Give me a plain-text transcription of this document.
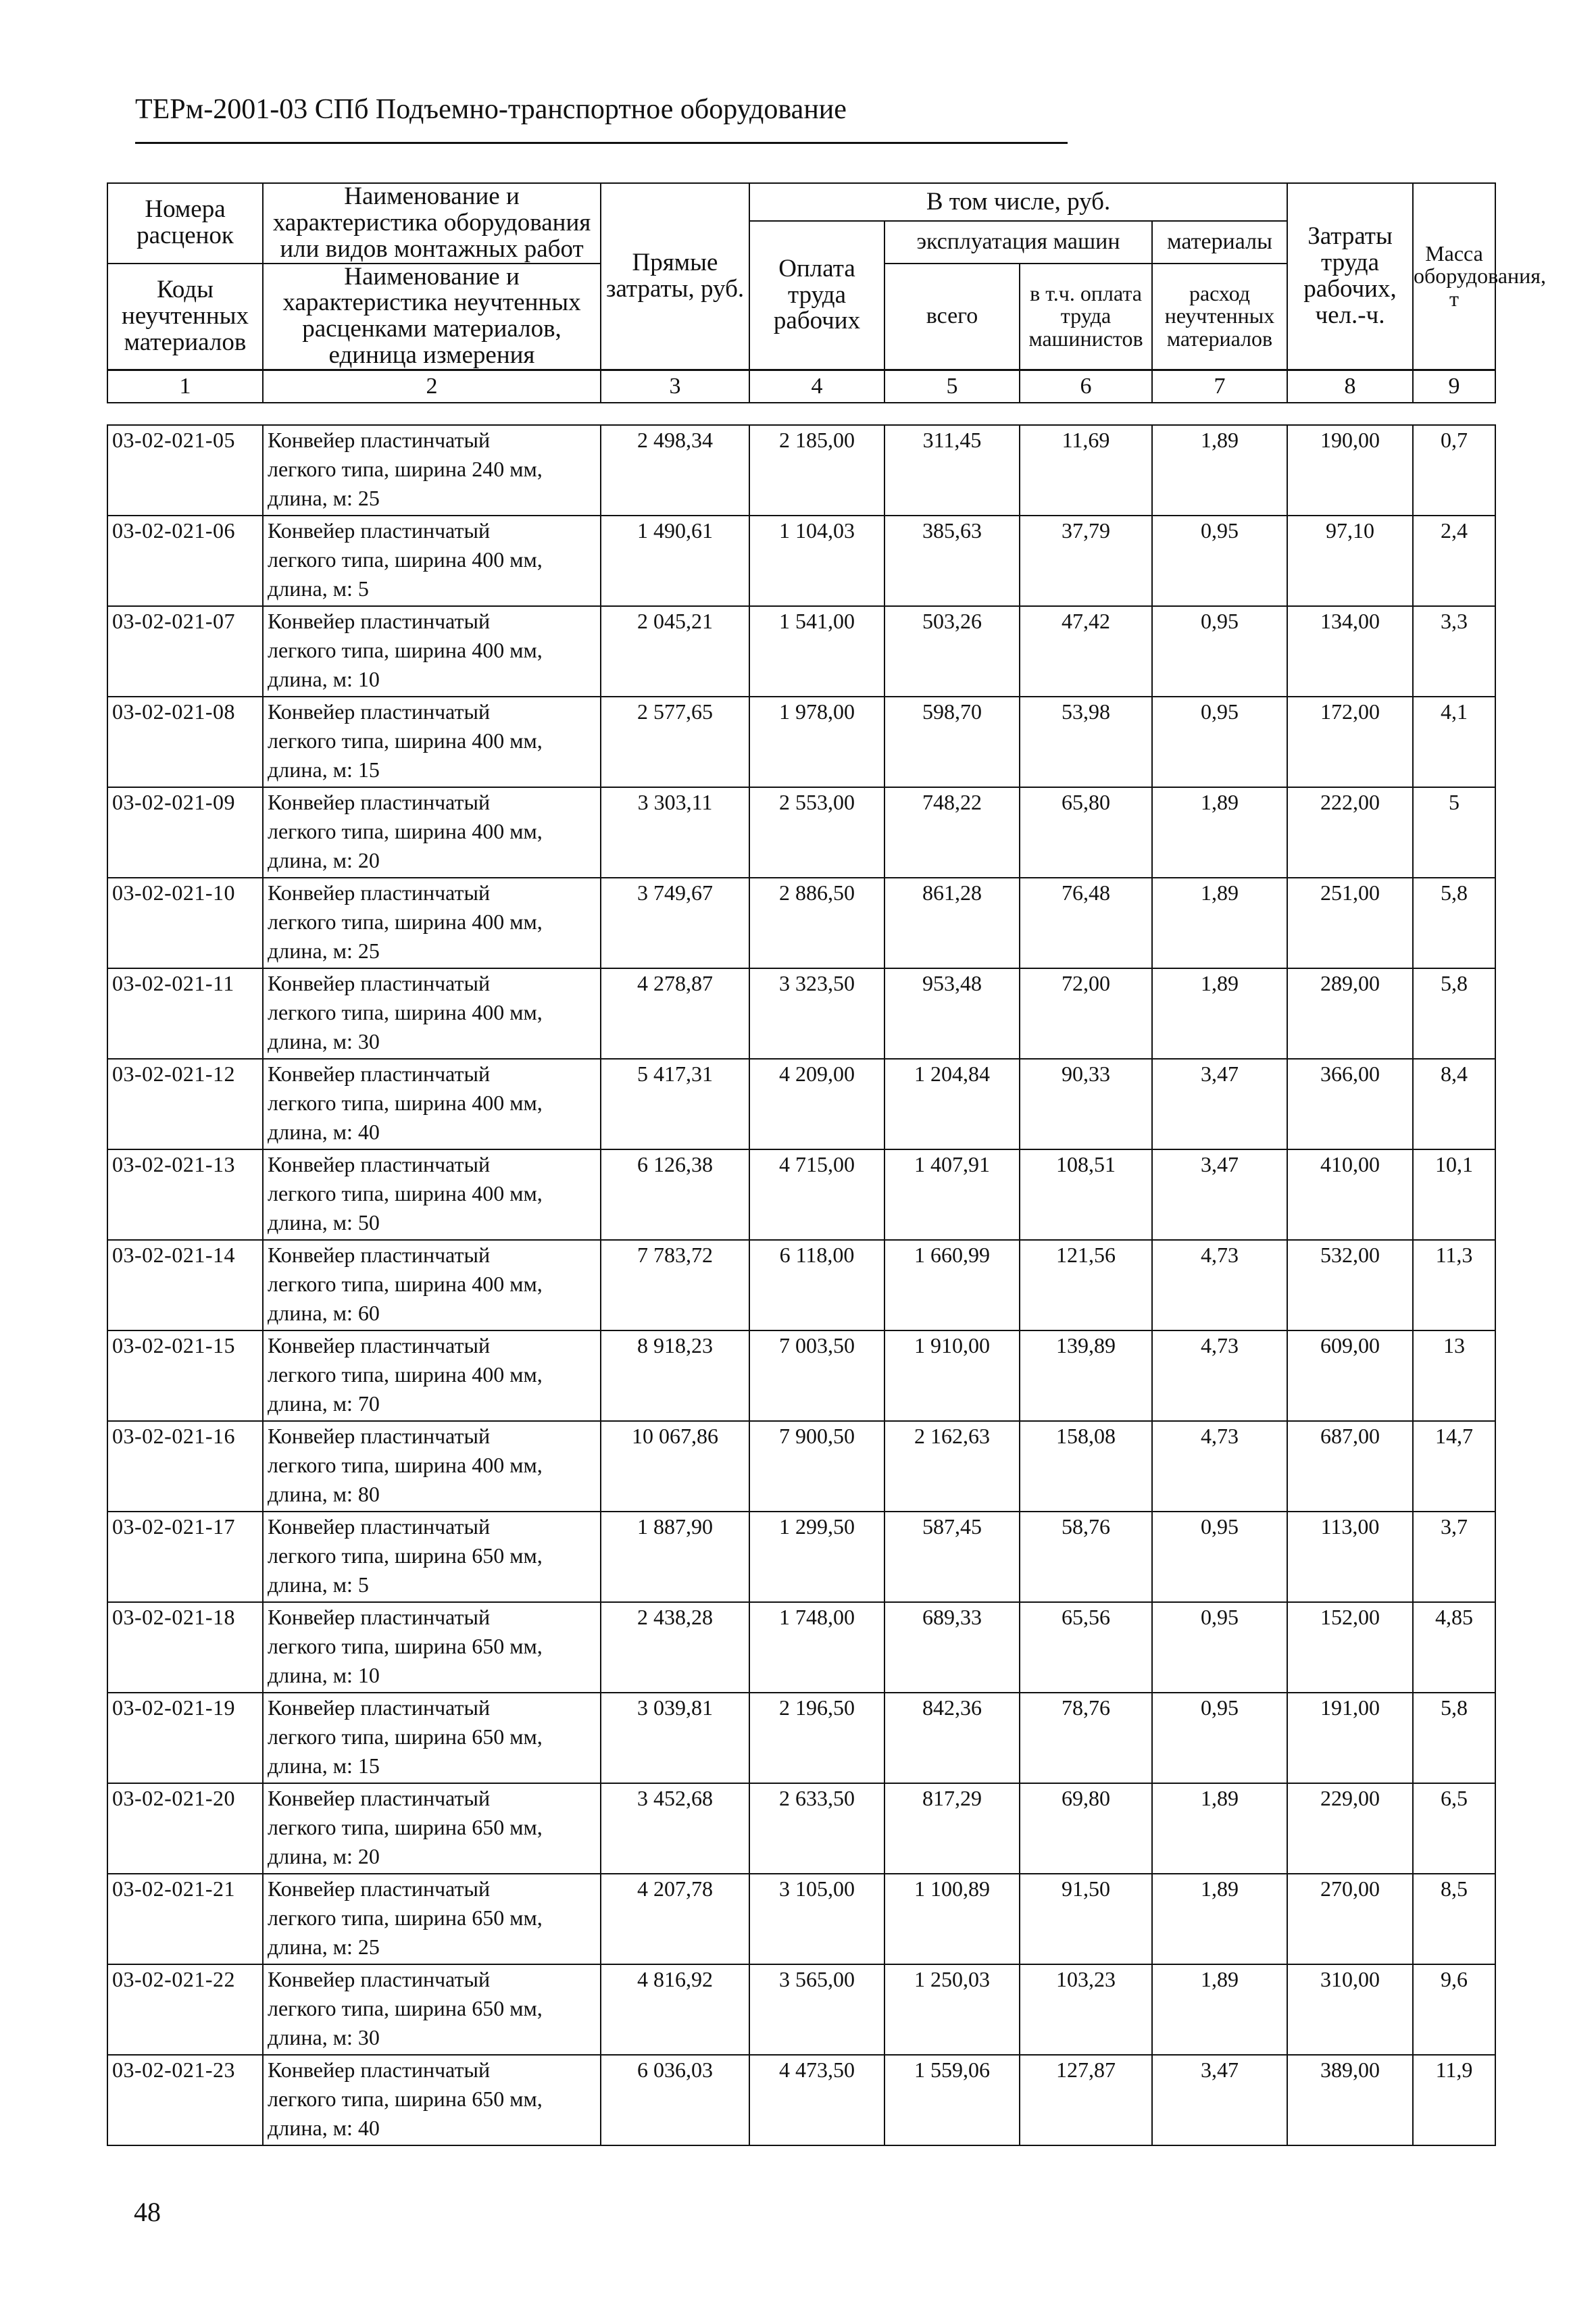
ТЕРм-2001-03 СПб Подъемно-транспортное оборудование
Номера расценок	Наименование и характеристика оборудования или видов монтажных работ	Прямые затраты, руб.	В том числе, руб.				Затраты труда рабочих, чел.-ч.	Масса оборудования, т
			Оплата труда рабочих	эксплуатация машин		материалы		
Коды неучтенных материалов	Наименование и характеристика неучтенных расценками материалов, единица измерения			всего	в т.ч. оплата труда машинистов	расход неучтенных материалов		

1	2	3	4	5	6	7	8	9
03-02-021-05	Конвейер пластинчатый
легкого типа, ширина 240 мм,
длина, м: 25	2 498,34	2 185,00	311,45	11,69	1,89	190,00	0,7
03-02-021-06	Конвейер пластинчатый
легкого типа, ширина 400 мм,
длина, м: 5	1 490,61	1 104,03	385,63	37,79	0,95	97,10	2,4
03-02-021-07	Конвейер пластинчатый
легкого типа, ширина 400 мм,
длина, м: 10	2 045,21	1 541,00	503,26	47,42	0,95	134,00	3,3
03-02-021-08	Конвейер пластинчатый
легкого типа, ширина 400 мм,
длина, м: 15	2 577,65	1 978,00	598,70	53,98	0,95	172,00	4,1
03-02-021-09	Конвейер пластинчатый
легкого типа, ширина 400 мм,
длина, м: 20	3 303,11	2 553,00	748,22	65,80	1,89	222,00	5
03-02-021-10	Конвейер пластинчатый
легкого типа, ширина 400 мм,
длина, м: 25	3 749,67	2 886,50	861,28	76,48	1,89	251,00	5,8
03-02-021-11	Конвейер пластинчатый
легкого типа, ширина 400 мм,
длина, м: 30	4 278,87	3 323,50	953,48	72,00	1,89	289,00	5,8
03-02-021-12	Конвейер пластинчатый
легкого типа, ширина 400 мм,
длина, м: 40	5 417,31	4 209,00	1 204,84	90,33	3,47	366,00	8,4
03-02-021-13	Конвейер пластинчатый
легкого типа, ширина 400 мм,
длина, м: 50	6 126,38	4 715,00	1 407,91	108,51	3,47	410,00	10,1
03-02-021-14	Конвейер пластинчатый
легкого типа, ширина 400 мм,
длина, м: 60	7 783,72	6 118,00	1 660,99	121,56	4,73	532,00	11,3
03-02-021-15	Конвейер пластинчатый
легкого типа, ширина 400 мм,
длина, м: 70	8 918,23	7 003,50	1 910,00	139,89	4,73	609,00	13
03-02-021-16	Конвейер пластинчатый
легкого типа, ширина 400 мм,
длина, м: 80	10 067,86	7 900,50	2 162,63	158,08	4,73	687,00	14,7
03-02-021-17	Конвейер пластинчатый
легкого типа, ширина 650 мм,
длина, м: 5	1 887,90	1 299,50	587,45	58,76	0,95	113,00	3,7
03-02-021-18	Конвейер пластинчатый
легкого типа, ширина 650 мм,
длина, м: 10	2 438,28	1 748,00	689,33	65,56	0,95	152,00	4,85
03-02-021-19	Конвейер пластинчатый
легкого типа, ширина 650 мм,
длина, м: 15	3 039,81	2 196,50	842,36	78,76	0,95	191,00	5,8
03-02-021-20	Конвейер пластинчатый
легкого типа, ширина 650 мм,
длина, м: 20	3 452,68	2 633,50	817,29	69,80	1,89	229,00	6,5
03-02-021-21	Конвейер пластинчатый
легкого типа, ширина 650 мм,
длина, м: 25	4 207,78	3 105,00	1 100,89	91,50	1,89	270,00	8,5
03-02-021-22	Конвейер пластинчатый
легкого типа, ширина 650 мм,
длина, м: 30	4 816,92	3 565,00	1 250,03	103,23	1,89	310,00	9,6
03-02-021-23	Конвейер пластинчатый
легкого типа, ширина 650 мм,
длина, м: 40	6 036,03	4 473,50	1 559,06	127,87	3,47	389,00	11,9
48
